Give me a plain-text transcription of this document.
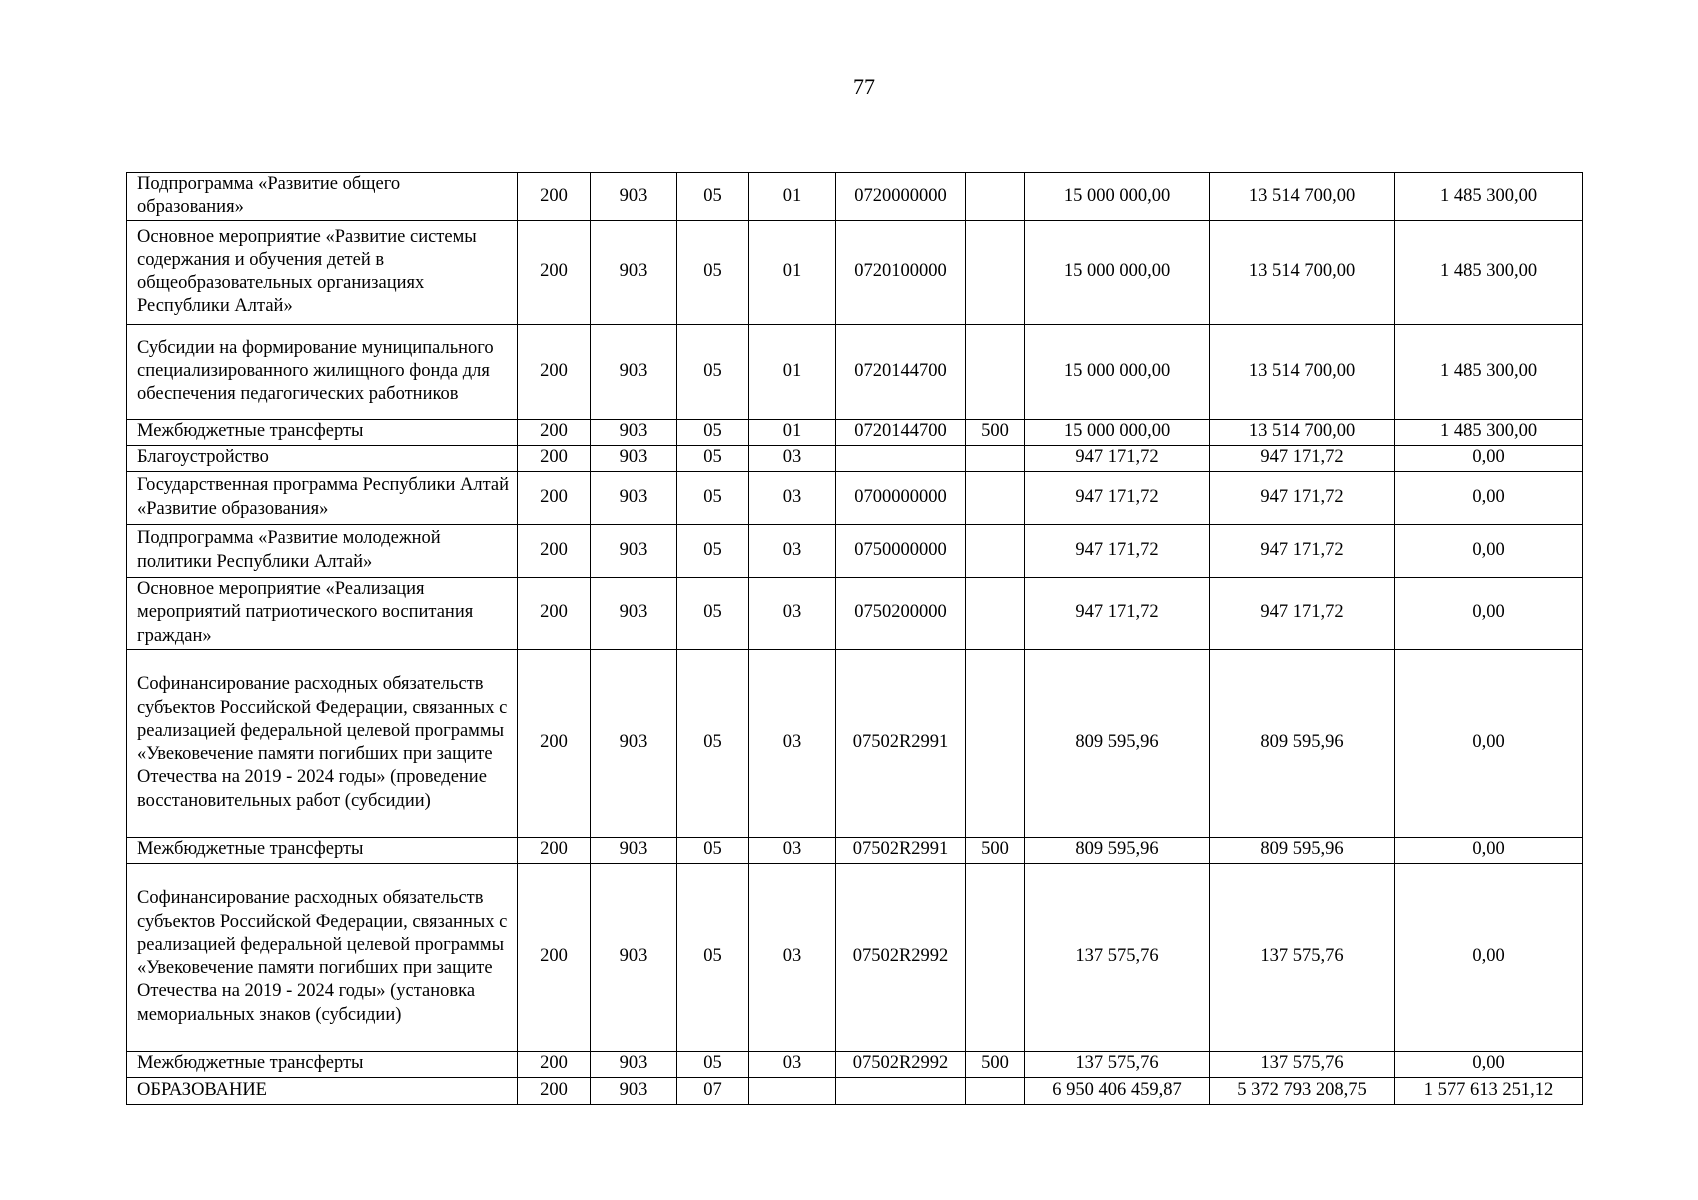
77
Подпрограмма «Развитие общего образования»	200	903	05	01	0720000000		15 000 000,00	13 514 700,00	1 485 300,00
Основное мероприятие «Развитие системы содержания и обучения детей в общеобразовательных организациях Республики Алтай»	200	903	05	01	0720100000		15 000 000,00	13 514 700,00	1 485 300,00
Субсидии на формирование муниципального специализированного жилищного фонда для обеспечения педагогических работников	200	903	05	01	0720144700		15 000 000,00	13 514 700,00	1 485 300,00
Межбюджетные трансферты	200	903	05	01	0720144700	500	15 000 000,00	13 514 700,00	1 485 300,00
Благоустройство	200	903	05	03			947 171,72	947 171,72	0,00
Государственная программа Республики Алтай «Развитие образования»	200	903	05	03	0700000000		947 171,72	947 171,72	0,00
Подпрограмма «Развитие молодежной политики Республики Алтай»	200	903	05	03	0750000000		947 171,72	947 171,72	0,00
Основное мероприятие «Реализация мероприятий патриотического воспитания граждан»	200	903	05	03	0750200000		947 171,72	947 171,72	0,00
Софинансирование расходных обязательств субъектов Российской Федерации, связанных с реализацией федеральной целевой программы «Увековечение памяти погибших при защите Отечества на 2019 - 2024 годы» (проведение восстановительных работ (субсидии)	200	903	05	03	07502R2991		809 595,96	809 595,96	0,00
Межбюджетные трансферты	200	903	05	03	07502R2991	500	809 595,96	809 595,96	0,00
Софинансирование расходных обязательств субъектов Российской Федерации, связанных с реализацией федеральной целевой программы «Увековечение памяти погибших при защите Отечества на 2019 - 2024 годы» (установка мемориальных знаков (субсидии)	200	903	05	03	07502R2992		137 575,76	137 575,76	0,00
Межбюджетные трансферты	200	903	05	03	07502R2992	500	137 575,76	137 575,76	0,00
ОБРАЗОВАНИЕ	200	903	07				6 950 406 459,87	5 372 793 208,75	1 577 613 251,12
